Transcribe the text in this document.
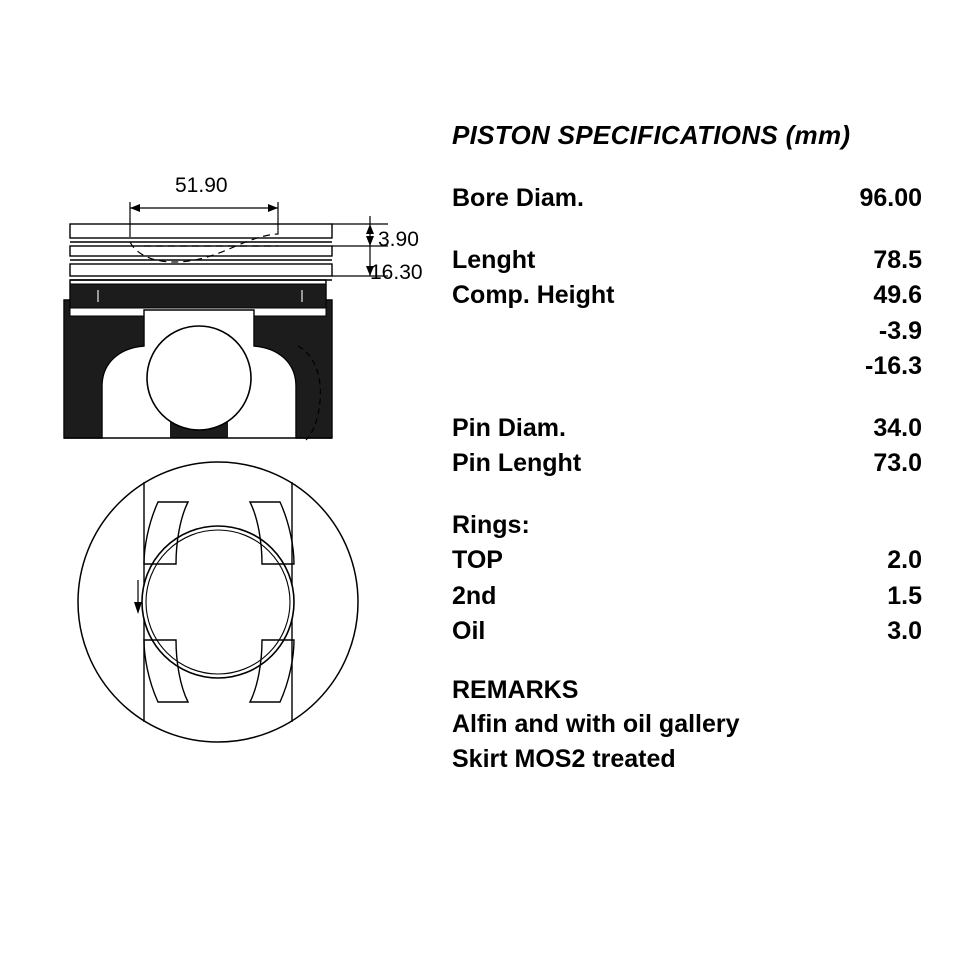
51.90
3.90
16.30
PISTON SPECIFICATIONS (mm)
Bore Diam.	96.00
Lenght	78.5
Comp. Height	49.6
-3.9
-16.3
Pin Diam.	34.0
Pin Lenght	73.0
Rings:
TOP	2.0
2nd	1.5
Oil	3.0
REMARKS
Alfin and with oil gallery
Skirt MOS2 treated
